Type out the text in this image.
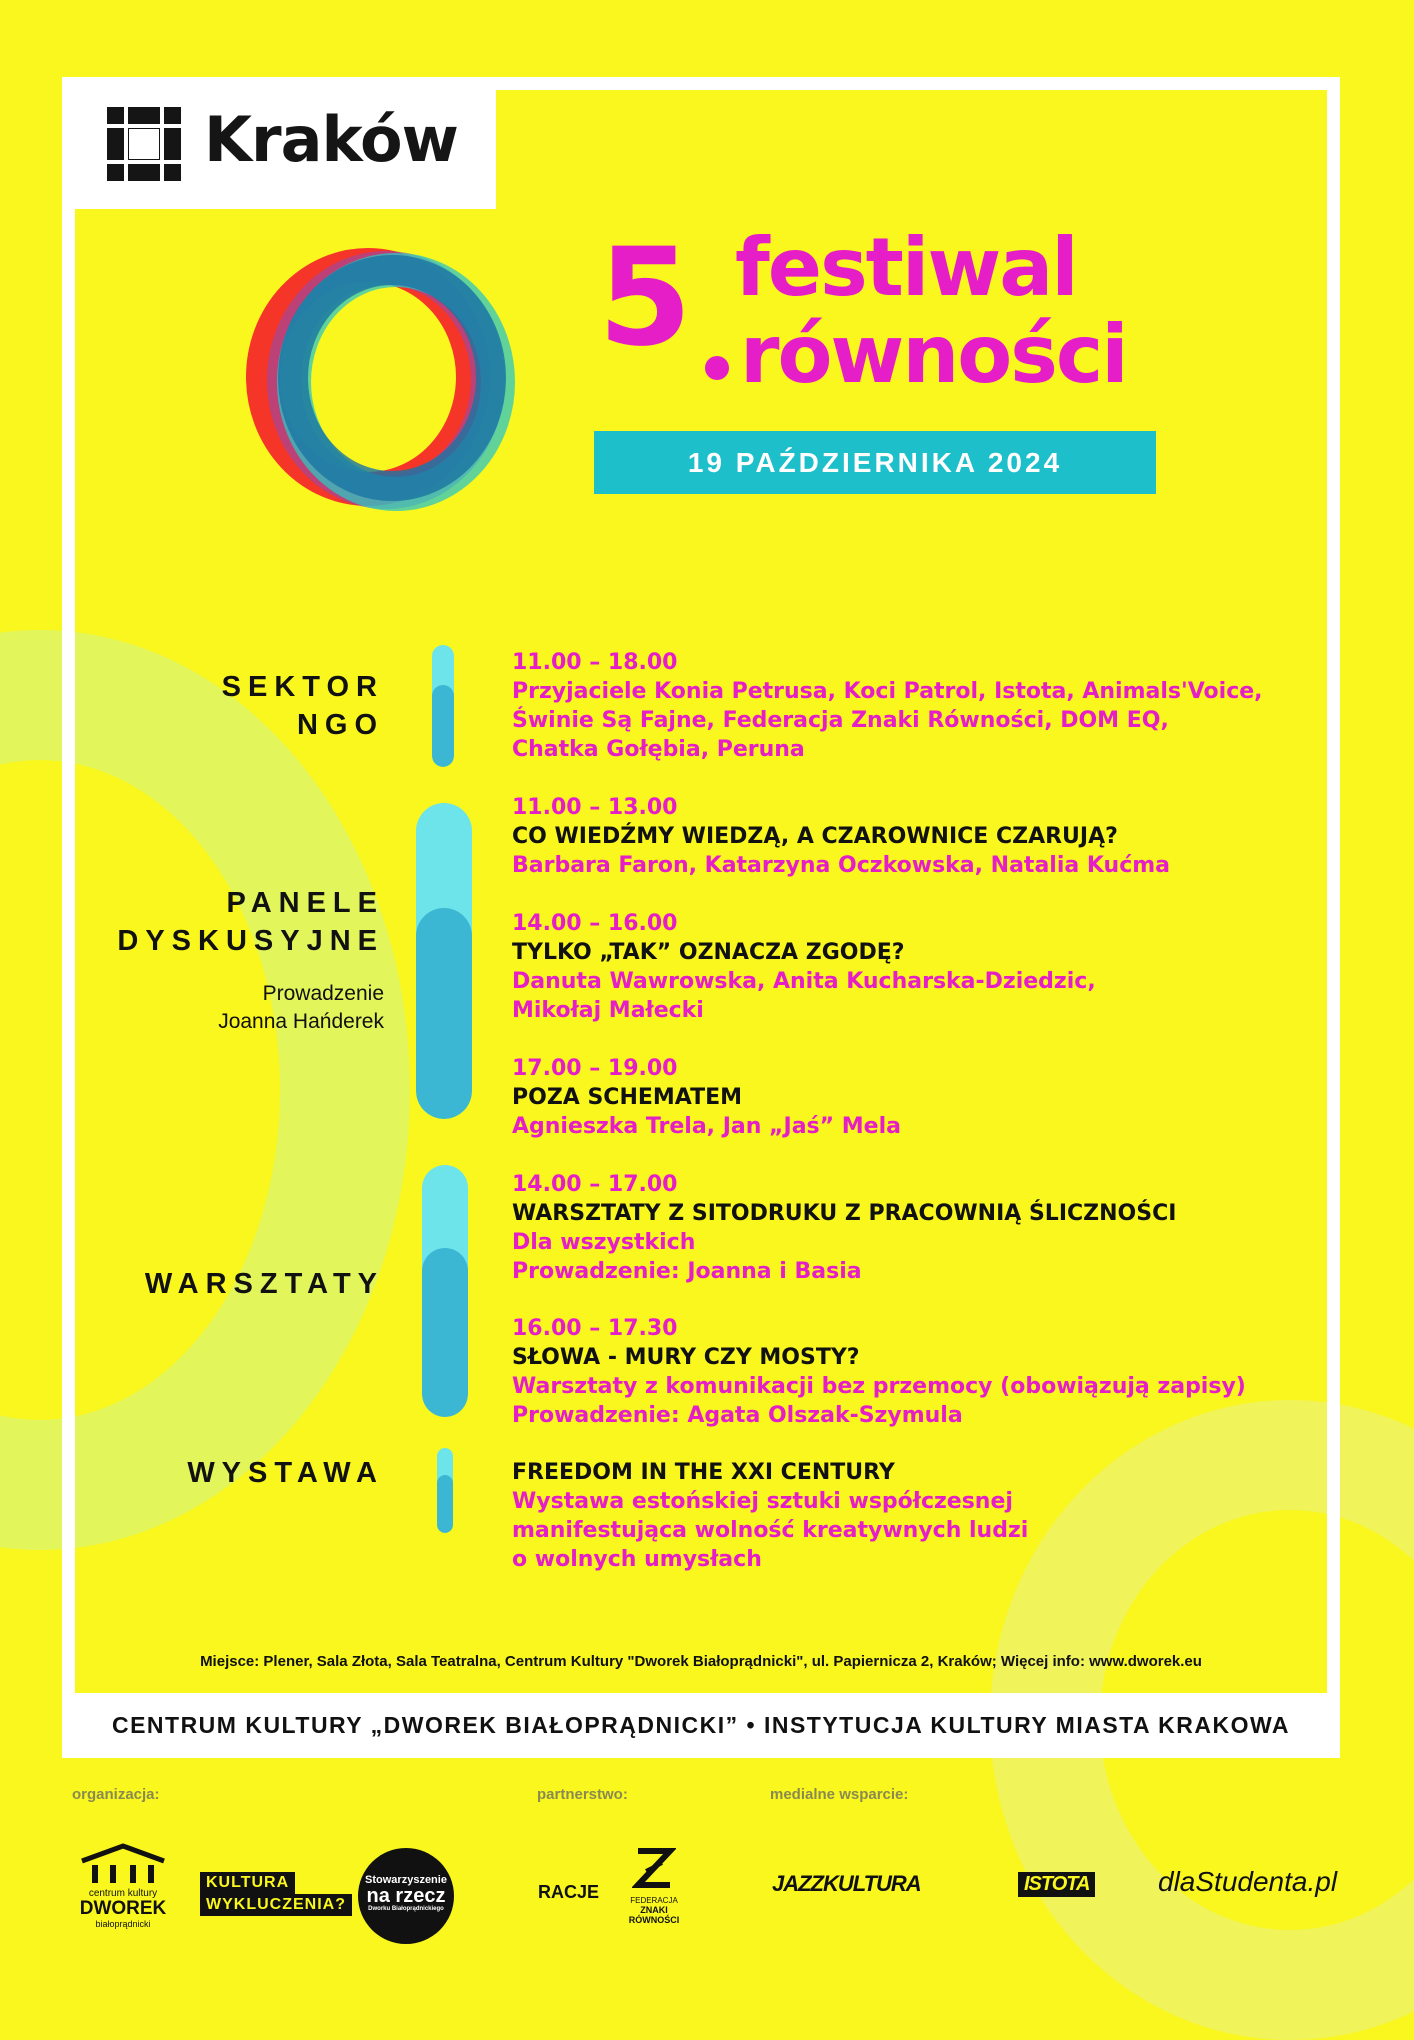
CENTRUM KULTURY „DWOREK BIAŁOPRĄDNICKI” • INSTYTUCJA KULTURY MIASTA KRAKOWA
Kraków
5 festiwal
równości
19 PAŹDZIERNIKA 2024
SEKTOR
NGO
11.00 – 18.00
Przyjaciele Konia Petrusa, Koci Patrol, Istota, Animals'Voice,
Świnie Są Fajne, Federacja Znaki Równości, DOM EQ,
Chatka Gołębia, Peruna
PANELE
DYSKUSYJNE
Prowadzenie
Joanna Hańderek
11.00 – 13.00
CO WIEDŹMY WIEDZĄ, A CZAROWNICE CZARUJĄ?
Barbara Faron, Katarzyna Oczkowska, Natalia Kućma
14.00 – 16.00
TYLKO „TAK” OZNACZA ZGODĘ?
Danuta Wawrowska, Anita Kucharska-Dziedzic,
Mikołaj Małecki
17.00 – 19.00
POZA SCHEMATEM
Agnieszka Trela, Jan „Jaś” Mela
WARSZTATY
14.00 – 17.00
WARSZTATY Z SITODRUKU Z PRACOWNIĄ ŚLICZNOŚCI
Dla wszystkich
Prowadzenie: Joanna i Basia
16.00 – 17.30
SŁOWA - MURY CZY MOSTY?
Warsztaty z komunikacji bez przemocy (obowiązują zapisy)
Prowadzenie: Agata Olszak-Szymula
WYSTAWA	FREEDOM IN THE XXI CENTURY
Wystawa estońskiej sztuki współczesnej
manifestująca wolność kreatywnych ludzi
o wolnych umysłach
Miejsce: Plener, Sala Złota, Sala Teatralna, Centrum Kultury "Dworek Białoprądnicki", ul. Papiernicza 2, Kraków; Więcej info: www.dworek.eu
organizacja:	partnerstwo:	medialne wsparcie:
centrum kultury
DWOREK
białoprądnicki
KULTURA
WYKLUCZENIA?
Stowarzyszenie
na rzecz
Dworku Białoprądnickiego
RACJE	FEDERACJA
ZNAKI
RÓWNOŚCI
JAZZKULTURA	ISTOTA dlaStudenta.pl
